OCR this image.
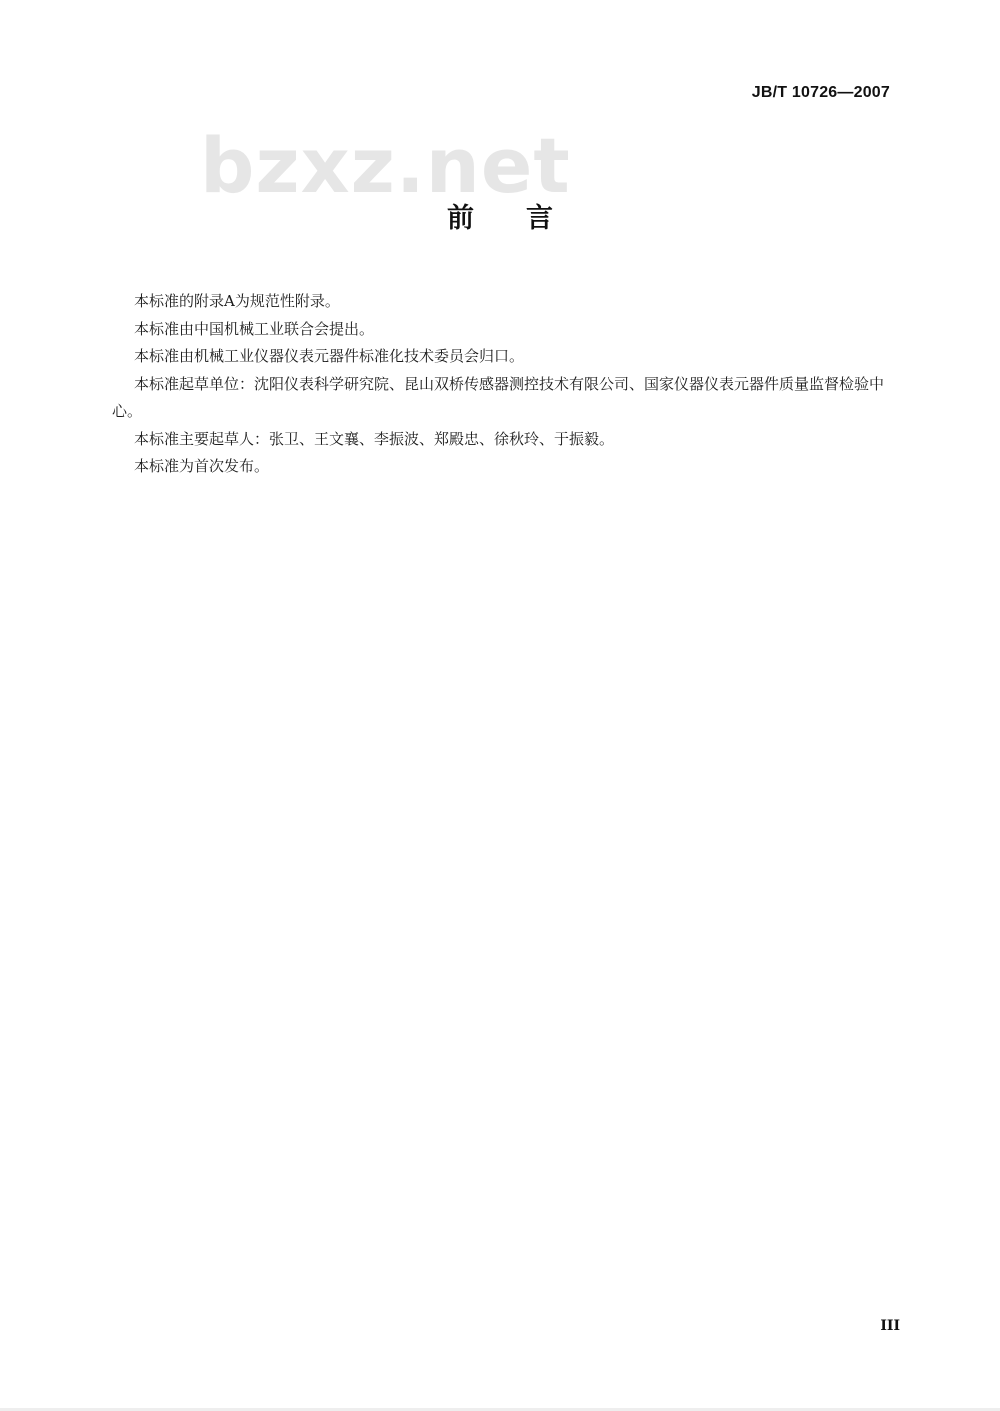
JB/T 10726—2007
bzxz.net
前言

本标准的附录A为规范性附录。

本标准由中国机械工业联合会提出。

本标准由机械工业仪器仪表元器件标准化技术委员会归口。

本标准起草单位：沈阳仪表科学研究院、昆山双桥传感器测控技术有限公司、国家仪器仪表元器件质量监督检验中心。

本标准主要起草人：张卫、王文襄、李振波、郑殿忠、徐秋玲、于振毅。

本标准为首次发布。

III
